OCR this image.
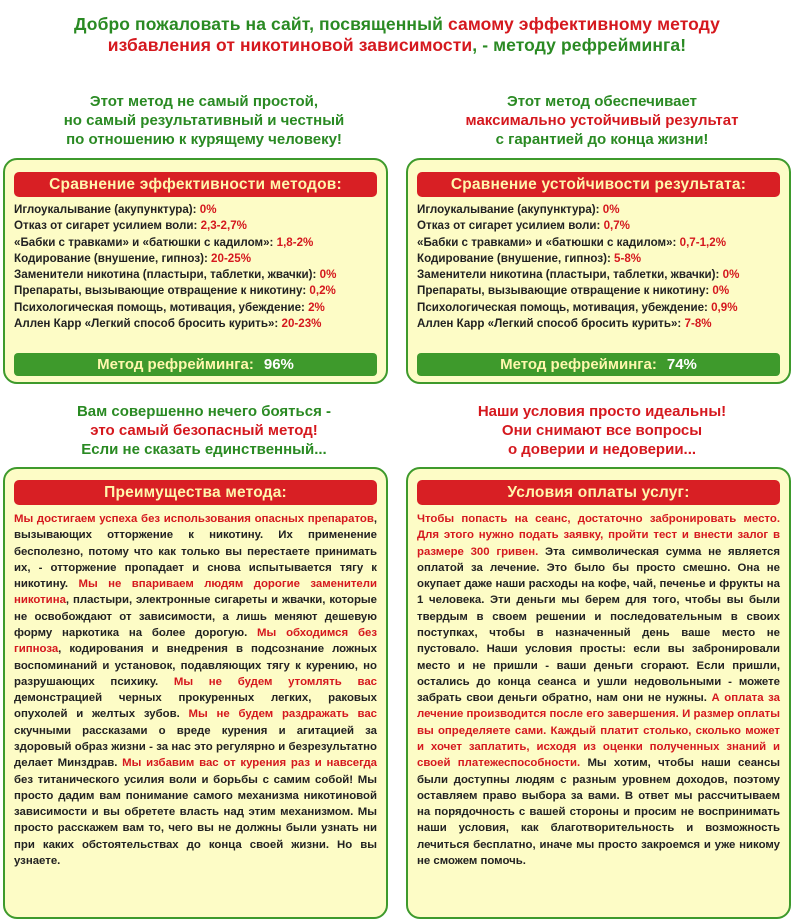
Добро пожаловать на сайт, посвященный самому эффективному методу
избавления от никотиновой зависимости, - методу рефрейминга!
Этот метод не самый простой,
но самый результативный и честный
по отношению к курящему человеку!
Этот метод обеспечивает
максимально устойчивый результат
с гарантией до конца жизни!
Сравнение эффективности методов:
Иглоукалывание (акупунктура): 0%
Отказ от сигарет усилием воли: 2,3-2,7%
«Бабки с травками» и «батюшки с кадилом»: 1,8-2%
Кодирование (внушение, гипноз): 20-25%
Заменители никотина (пластыри, таблетки, жвачки): 0%
Препараты, вызывающие отвращение к никотину: 0,2%
Психологическая помощь, мотивация, убеждение: 2%
Аллен Карр «Легкий способ бросить курить»: 20-23%
Метод рефрейминга: 96%
Сравнение устойчивости результата:
Иглоукалывание (акупунктура): 0%
Отказ от сигарет усилием воли: 0,7%
«Бабки с травками» и «батюшки с кадилом»: 0,7-1,2%
Кодирование (внушение, гипноз): 5-8%
Заменители никотина (пластыри, таблетки, жвачки): 0%
Препараты, вызывающие отвращение к никотину: 0%
Психологическая помощь, мотивация, убеждение: 0,9%
Аллен Карр «Легкий способ бросить курить»: 7-8%
Метод рефрейминга: 74%
Вам совершенно нечего бояться -
это самый безопасный метод!
Если не сказать единственный...
Наши условия просто идеальны!
Они снимают все вопросы
о доверии и недоверии...
Преимущества метода:
Мы достигаем успеха без использования опасных препаратов, вызывающих отторжение к никотину. Их применение бесполезно, потому что как только вы перестаете принимать их, - отторжение пропадает и снова испытывается тягу к никотину. Мы не впариваем людям дорогие заменители никотина, пластыри, электронные сигареты и жвачки, которые не освобождают от зависимости, а лишь меняют дешевую форму наркотика на более дорогую. Мы обходимся без гипноза, кодирования и внедрения в подсознание ложных воспоминаний и установок, подавляющих тягу к курению, но разрушающих психику. Мы не будем утомлять вас демонстрацией черных прокуренных легких, раковых опухолей и желтых зубов. Мы не будем раздражать вас скучными рассказами о вреде курения и агитацией за здоровый образ жизни - за нас это регулярно и безрезультатно делает Минздрав. Мы избавим вас от курения раз и навсегда без титанического усилия воли и борьбы с самим собой! Мы просто дадим вам понимание самого механизма никотиновой зависимости и вы обретете власть над этим механизмом. Мы просто расскажем вам то, чего вы не должны были узнать ни при каких обстоятельствах до конца своей жизни. Но вы узнаете.
Условия оплаты услуг:
Чтобы попасть на сеанс, достаточно забронировать место. Для этого нужно подать заявку, пройти тест и внести залог в размере 300 гривен. Эта символическая сумма не является оплатой за лечение. Это было бы просто смешно. Она не окупает даже наши расходы на кофе, чай, печенье и фрукты на 1 человека. Эти деньги мы берем для того, чтобы вы были твердым в своем решении и последовательным в своих поступках, чтобы в назначенный день ваше место не пустовало. Наши условия просты: если вы забронировали место и не пришли - ваши деньги сгорают. Если пришли, остались до конца сеанса и ушли недовольными - можете забрать свои деньги обратно, нам они не нужны. А оплата за лечение производится после его завершения. И размер оплаты вы определяете сами. Каждый платит столько, сколько может и хочет заплатить, исходя из оценки полученных знаний и своей платежеспособности. Мы хотим, чтобы наши сеансы были доступны людям с разным уровнем доходов, поэтому оставляем право выбора за вами. В ответ мы рассчитываем на порядочность с вашей стороны и просим не воспринимать наши условия, как благотворительность и возможность лечиться бесплатно, иначе мы просто закроемся и уже никому не сможем помочь.
